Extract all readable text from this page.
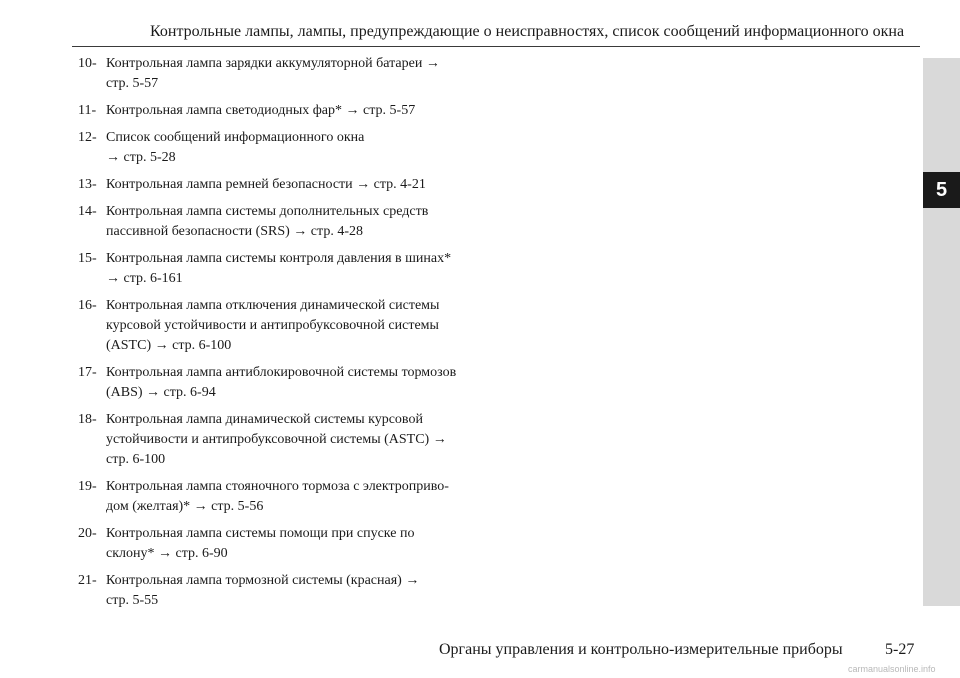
Контрольные лампы, лампы, предупреждающие о неисправностях, список сообщений информационного окна
5
10- Контрольная лампа зарядки аккумуляторной батареи →
стр. 5-57
11- Контрольная лампа светодиодных фар* → стр. 5-57
12- Список сообщений информационного окна
→ стр. 5-28
13- Контрольная лампа ремней безопасности → стр. 4-21
14- Контрольная лампа системы дополнительных средств
пассивной безопасности (SRS) → стр. 4-28
15- Контрольная лампа системы контроля давления в шинах*
→ стр. 6-161
16- Контрольная лампа отключения динамической системы
курсовой устойчивости и антипробуксовочной системы
(ASTC) → стр. 6-100
17- Контрольная лампа антиблокировочной системы тормозов
(ABS) → стр. 6-94
18- Контрольная лампа динамической системы курсовой
устойчивости и антипробуксовочной системы (ASTC) →
стр. 6-100
19- Контрольная лампа стояночного тормоза с электроприво-
дом (желтая)* → стр. 5-56
20- Контрольная лампа системы помощи при спуске по
склону* → стр. 6-90
21- Контрольная лампа тормозной системы (красная) →
стр. 5-55
Органы управления и контрольно-измерительные приборы	5-27
carmanualsonline.info
